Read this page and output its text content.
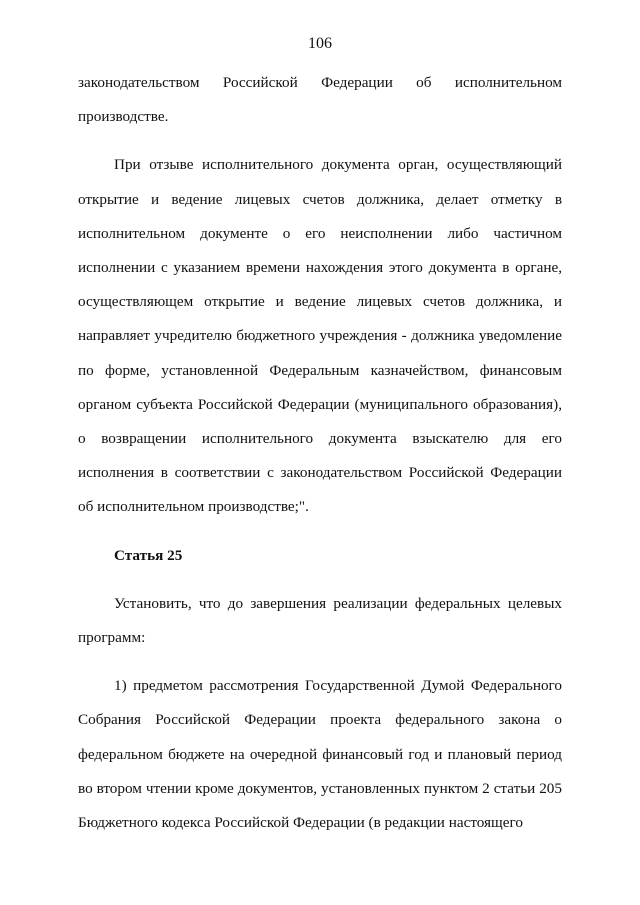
106

законодательством Российской Федерации об исполнительном производстве.

При отзыве исполнительного документа орган, осуществляющий открытие и ведение лицевых счетов должника, делает отметку в исполнительном документе о его неисполнении либо частичном исполнении с указанием времени нахождения этого документа в органе, осуществляющем открытие и ведение лицевых счетов должника, и направляет учредителю бюджетного учреждения - должника уведомление по форме, установленной Федеральным казначейством, финансовым органом субъекта Российской Федерации (муниципального образования), о возвращении исполнительного документа взыскателю для его исполнения в соответствии с законодательством Российской Федерации об исполнительном производстве;".

Статья 25

Установить, что до завершения реализации федеральных целевых программ:

1) предметом рассмотрения Государственной Думой Федерального Собрания Российской Федерации проекта федерального закона о федеральном бюджете на очередной финансовый год и плановый период во втором чтении кроме документов, установленных пунктом 2 статьи 205 Бюджетного кодекса Российской Федерации (в редакции настоящего
